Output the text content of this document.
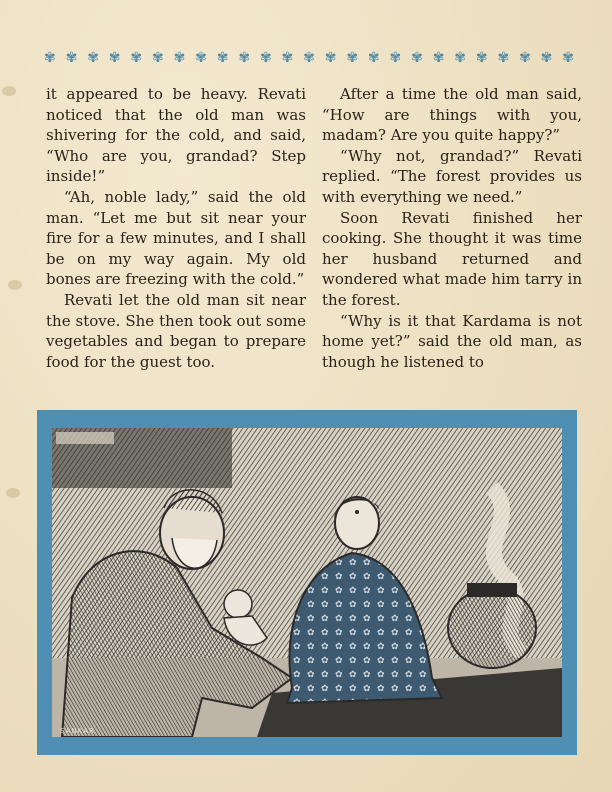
✾ ✾ ✾ ✾ ✾ ✾ ✾ ✾ ✾ ✾ ✾ ✾ ✾ ✾ ✾ ✾ ✾ ✾ ✾ ✾ ✾ ✾ ✾ ✾ ✾

it appeared to be heavy. Revati noticed that the old man was shivering for the cold, and said, “Who are you, grandad? Step inside!”

“Ah, noble lady,” said the old man. “Let me but sit near your fire for a few minutes, and I shall be on my way again. My old bones are freezing with the cold.”

Revati let the old man sit near the stove. She then took out some vegetables and began to prepare food for the guest too.

After a time the old man said, “How are things with you, madam? Are you quite happy?”

“Why not, grandad?” Revati replied. “The forest provides us with everything we need.”

Soon Revati finished her cooking. She thought it was time her husband returned and wondered what made him tarry in the forest.

“Why is it that Kardama is not home yet?” said the old man, as though he listened to

SANKAR
